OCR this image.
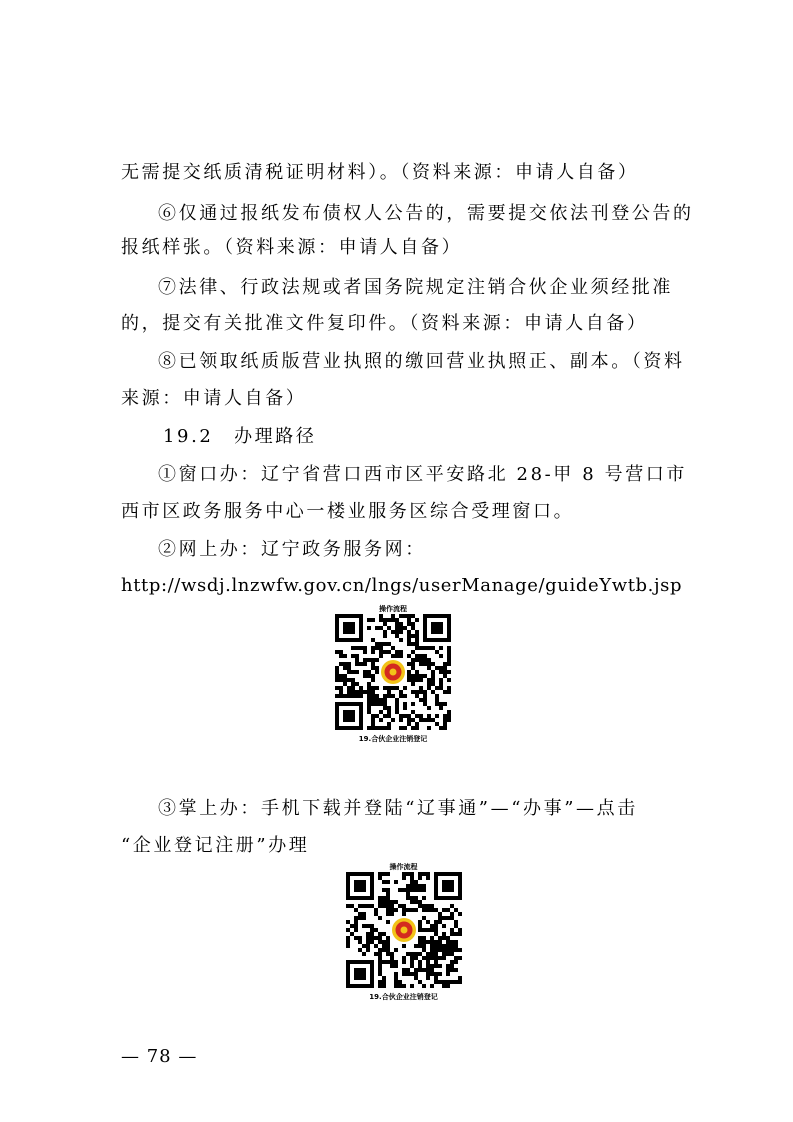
无需提交纸质清税证明材料）。（资料来源：申请人自备）
⑥仅通过报纸发布债权人公告的，需要提交依法刊登公告的
报纸样张。（资料来源：申请人自备）
⑦法律、行政法规或者国务院规定注销合伙企业须经批准
的，提交有关批准文件复印件。（资料来源：申请人自备）
⑧已领取纸质版营业执照的缴回营业执照正、副本。（资料
来源：申请人自备）
19.2　办理路径
①窗口办：辽宁省营口西市区平安路北 28-甲 8 号营口市
西市区政务服务中心一楼业服务区综合受理窗口。
②网上办：辽宁政务服务网：
http://wsdj.lnzwfw.gov.cn/lngs/userManage/guideYwtb.jsp
操作流程
19.合伙企业注销登记
③掌上办：手机下载并登陆“辽事通”—“办事”—点击
“企业登记注册”办理
操作流程
19.合伙企业注销登记
— 78 —
